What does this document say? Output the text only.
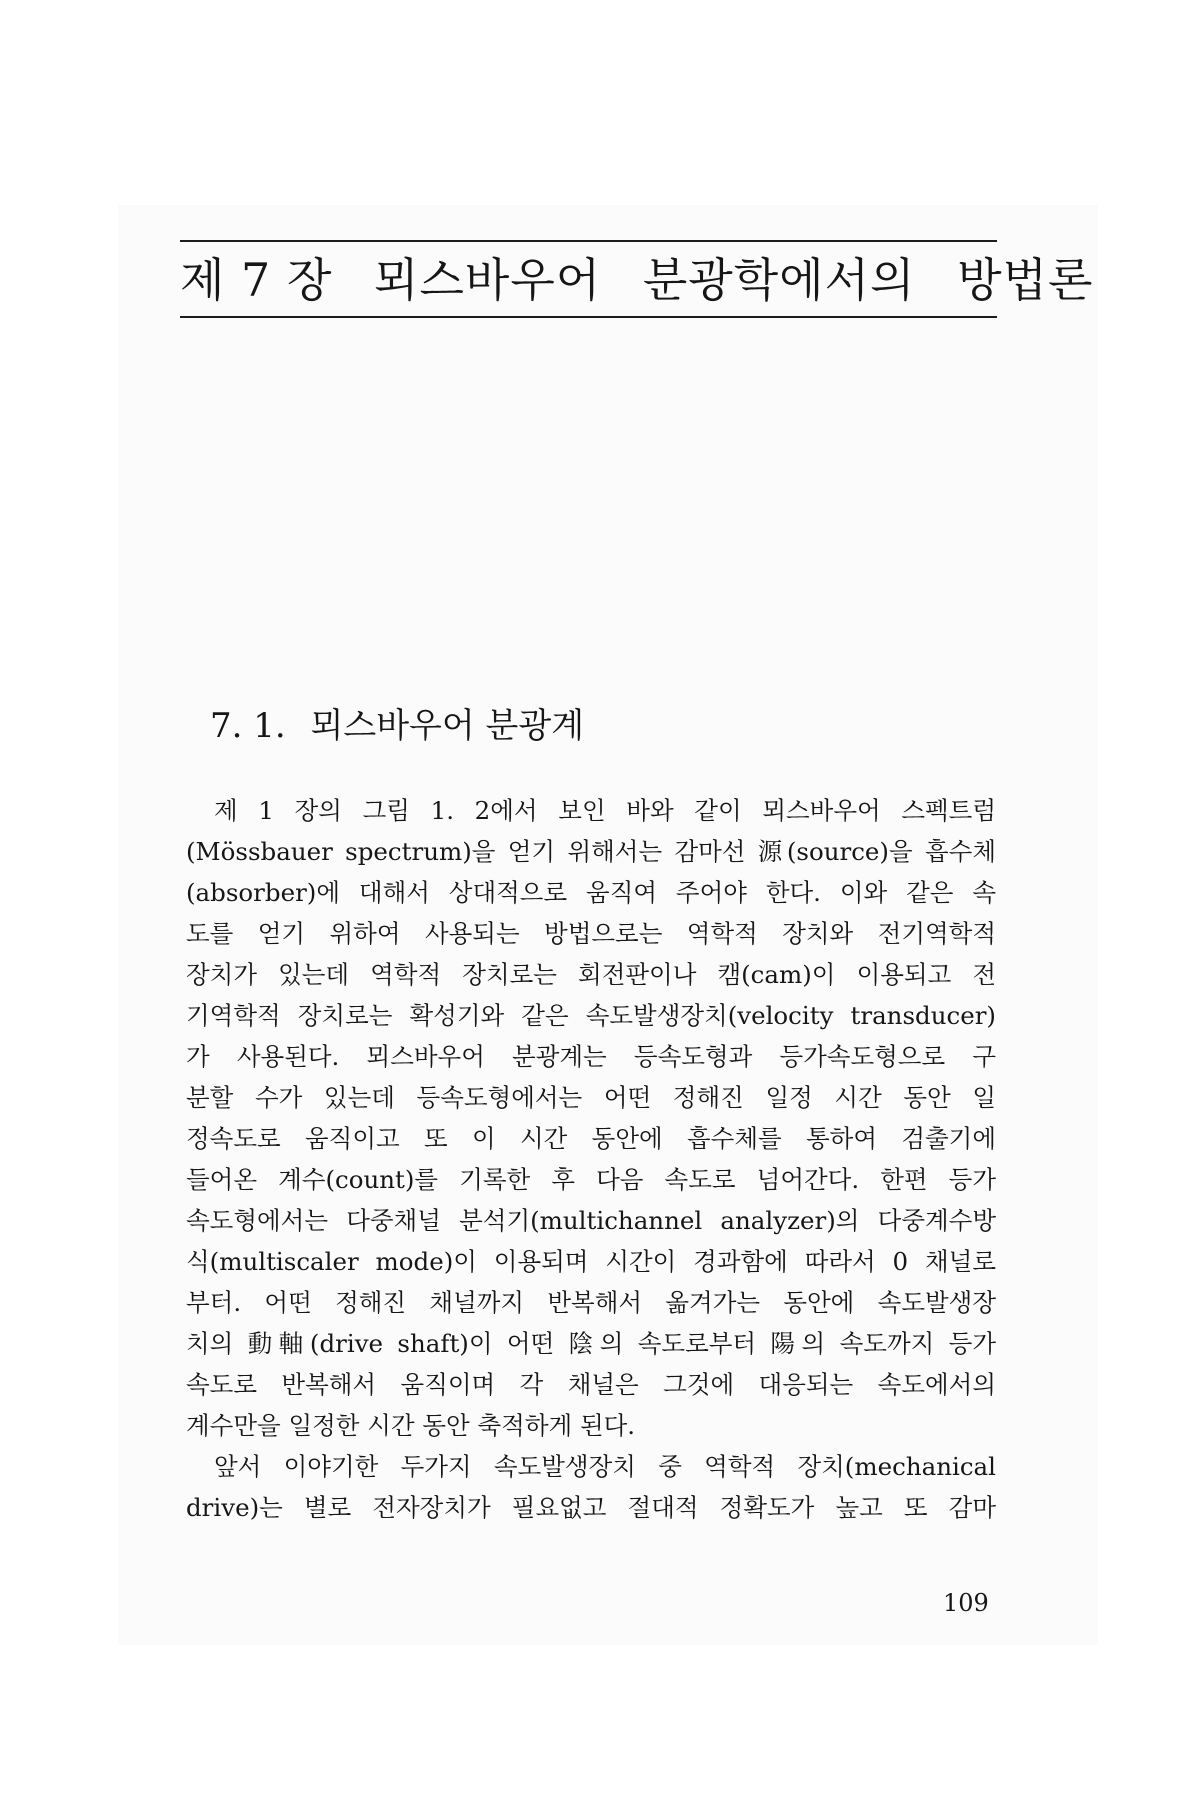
제 7 장 뫼스바우어 분광학에서의 방법론
7. 1. 뫼스바우어 분광계
제 1 장의 그림 1. 2에서 보인 바와 같이 뫼스바우어 스펙트럼
(Mössbauer spectrum)을 얻기 위해서는 감마선 源(source)을 흡수체
(absorber)에 대해서 상대적으로 움직여 주어야 한다. 이와 같은 속
도를 얻기 위하여 사용되는 방법으로는 역학적 장치와 전기역학적
장치가 있는데 역학적 장치로는 회전판이나 캠(cam)이 이용되고 전
기역학적 장치로는 확성기와 같은 속도발생장치(velocity transducer)
가 사용된다. 뫼스바우어 분광계는 등속도형과 등가속도형으로 구
분할 수가 있는데 등속도형에서는 어떤 정해진 일정 시간 동안 일
정속도로 움직이고 또 이 시간 동안에 흡수체를 통하여 검출기에
들어온 계수(count)를 기록한 후 다음 속도로 넘어간다. 한편 등가
속도형에서는 다중채널 분석기(multichannel analyzer)의 다중계수방
식(multiscaler mode)이 이용되며 시간이 경과함에 따라서 0 채널로
부터. 어떤 정해진 채널까지 반복해서 옮겨가는 동안에 속도발생장
치의 動軸(drive shaft)이 어떤 陰의 속도로부터 陽의 속도까지 등가
속도로 반복해서 움직이며 각 채널은 그것에 대응되는 속도에서의
계수만을 일정한 시간 동안 축적하게 된다.
앞서 이야기한 두가지 속도발생장치 중 역학적 장치(mechanical
drive)는 별로 전자장치가 필요없고 절대적 정확도가 높고 또 감마
109
